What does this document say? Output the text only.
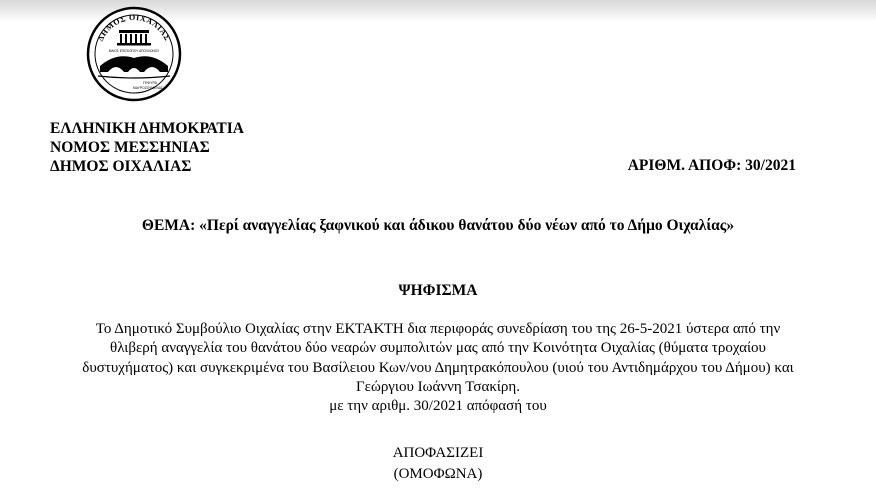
ΔΗΜΟΣ ΟΙΧΑΛΙΑΣ
ΜΑΙΟΣ ΕΠΙΣΚΟΠΟΥ ΑΠΟΛΛΩΝΟΣ
ΓΕΦΥΡΑ
ΜΑΥΡΟΖΟΥΜΕΝΑΣ
ΕΛΛΗΝΙΚΗ ΔΗΜΟΚΡΑΤΙΑ
ΝΟΜΟΣ ΜΕΣΣΗΝΙΑΣ
ΔΗΜΟΣ ΟΙΧΑΛΙΑΣ	ΑΡΙΘΜ. ΑΠΟΦ: 30/2021
ΘΕΜΑ: «Περί αναγγελίας ξαφνικού και άδικου θανάτου δύο νέων από το Δήμο Οιχαλίας»
ΨΗΦΙΣΜΑ
Το Δημοτικό Συμβούλιο Οιχαλίας στην ΕΚΤΑΚΤΗ δια περιφοράς συνεδρίαση του της 26-5-2021 ύστερα από την
θλιβερή αναγγελία του θανάτου δύο νεαρών συμπολιτών μας από την Κοινότητα Οιχαλίας (θύματα τροχαίου
δυστυχήματος) και συγκεκριμένα του Βασίλειου Κων/νου Δημητρακόπουλου (υιού του Αντιδημάρχου του Δήμου) και
Γεώργιου Ιωάννη Τσακίρη.
με την αριθμ. 30/2021 απόφασή του
ΑΠΟΦΑΣΙΖΕΙ
(ΟΜΟΦΩΝΑ)
